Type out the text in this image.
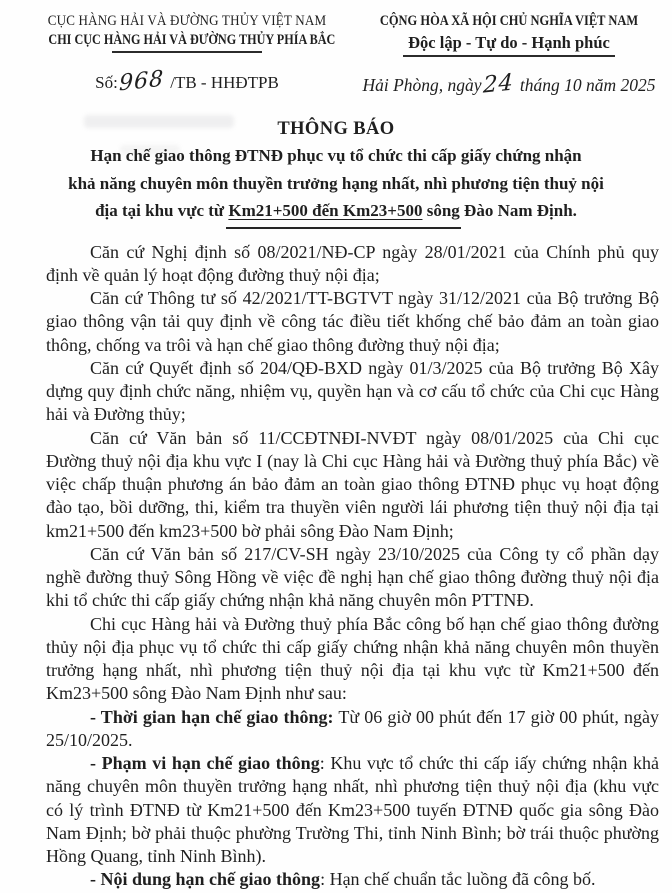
CỤC HÀNG HẢI VÀ ĐƯỜNG THỦY VIỆT NAM
CHI CỤC HÀNG HẢI VÀ ĐƯỜNG THỦY PHÍA BẮC
Số:968 /TB - HHĐTPB
CỘNG HÒA XÃ HỘI CHỦ NGHĨA VIỆT NAM
Độc lập - Tự do - Hạnh phúc
Hải Phòng, ngày24 tháng 10 năm 2025
THÔNG BÁO
Hạn chế giao thông ĐTNĐ phục vụ tổ chức thi cấp giấy chứng nhận
khả năng chuyên môn thuyền trưởng hạng nhất, nhì phương tiện thuỷ nội
địa tại khu vực từ Km21+500 đến Km23+500 sông Đào Nam Định.

Căn cứ Nghị định số 08/2021/NĐ-CP ngày 28/01/2021 của Chính phủ quy định về quản lý hoạt động đường thuỷ nội địa;

Căn cứ Thông tư số 42/2021/TT-BGTVT ngày 31/12/2021 của Bộ trưởng Bộ giao thông vận tải quy định về công tác điều tiết khống chế bảo đảm an toàn giao thông, chống va trôi và hạn chế giao thông đường thuỷ nội địa;

Căn cứ Quyết định số 204/QĐ-BXD ngày 01/3/2025 của Bộ trưởng Bộ Xây dựng quy định chức năng, nhiệm vụ, quyền hạn và cơ cấu tổ chức của Chi cục Hàng hải và Đường thủy;

Căn cứ Văn bản số 11/CCĐTNĐI-NVĐT ngày 08/01/2025 của Chi cục Đường thuỷ nội địa khu vực I (nay là Chi cục Hàng hải và Đường thuỷ phía Bắc) về việc chấp thuận phương án bảo đảm an toàn giao thông ĐTNĐ phục vụ hoạt động đào tạo, bồi dưỡng, thi, kiểm tra thuyền viên người lái phương tiện thuỷ nội địa tại km21+500 đến km23+500 bờ phải sông Đào Nam Định;

Căn cứ Văn bản số 217/CV-SH ngày 23/10/2025 của Công ty cổ phần dạy nghề đường thuỷ Sông Hồng về việc đề nghị hạn chế giao thông đường thuỷ nội địa khi tổ chức thi cấp giấy chứng nhận khả năng chuyên môn PTTNĐ.

Chi cục Hàng hải và Đường thuỷ phía Bắc công bố hạn chế giao thông đường thủy nội địa phục vụ tổ chức thi cấp giấy chứng nhận khả năng chuyên môn thuyền trưởng hạng nhất, nhì phương tiện thuỷ nội địa tại khu vực từ Km21+500 đến Km23+500 sông Đào Nam Định như sau:

- Thời gian hạn chế giao thông: Từ 06 giờ 00 phút đến 17 giờ 00 phút, ngày 25/10/2025.

- Phạm vi hạn chế giao thông: Khu vực tổ chức thi cấp iấy chứng nhận khả năng chuyên môn thuyền trưởng hạng nhất, nhì phương tiện thuỷ nội địa (khu vực có lý trình ĐTNĐ từ Km21+500 đến Km23+500 tuyến ĐTNĐ quốc gia sông Đào Nam Định; bờ phải thuộc phường Trường Thi, tỉnh Ninh Bình; bờ trái thuộc phường Hồng Quang, tỉnh Ninh Bình).

- Nội dung hạn chế giao thông: Hạn chế chuẩn tắc luồng đã công bố.
